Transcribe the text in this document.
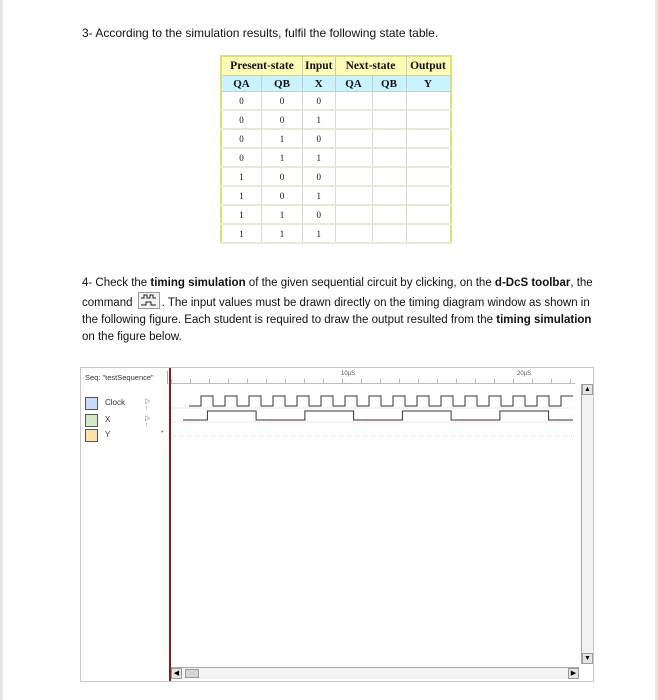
3- According to the simulation results, fulfil the following state table.
Present-state		Input	Next-state		Output
QA	QB	X	QA	QB	Y
0	0	0			
0	0	1			
0	1	0			
0	1	1			
1	0	0			
1	0	1			
1	1	0			
1	1	1			
4- Check the timing simulation of the given sequential circuit by clicking, on the d-DcS toolbar, the command
. The input values must be drawn directly on the timing diagram window as shown in the following figure. Each student is required to draw the output resulted from the timing simulation on the figure below.
Seq: "testSequence"
Clock	▷ ↑
X	▷ ↑
Y	•
10µS	20µS
▲
▼
◀	▶
